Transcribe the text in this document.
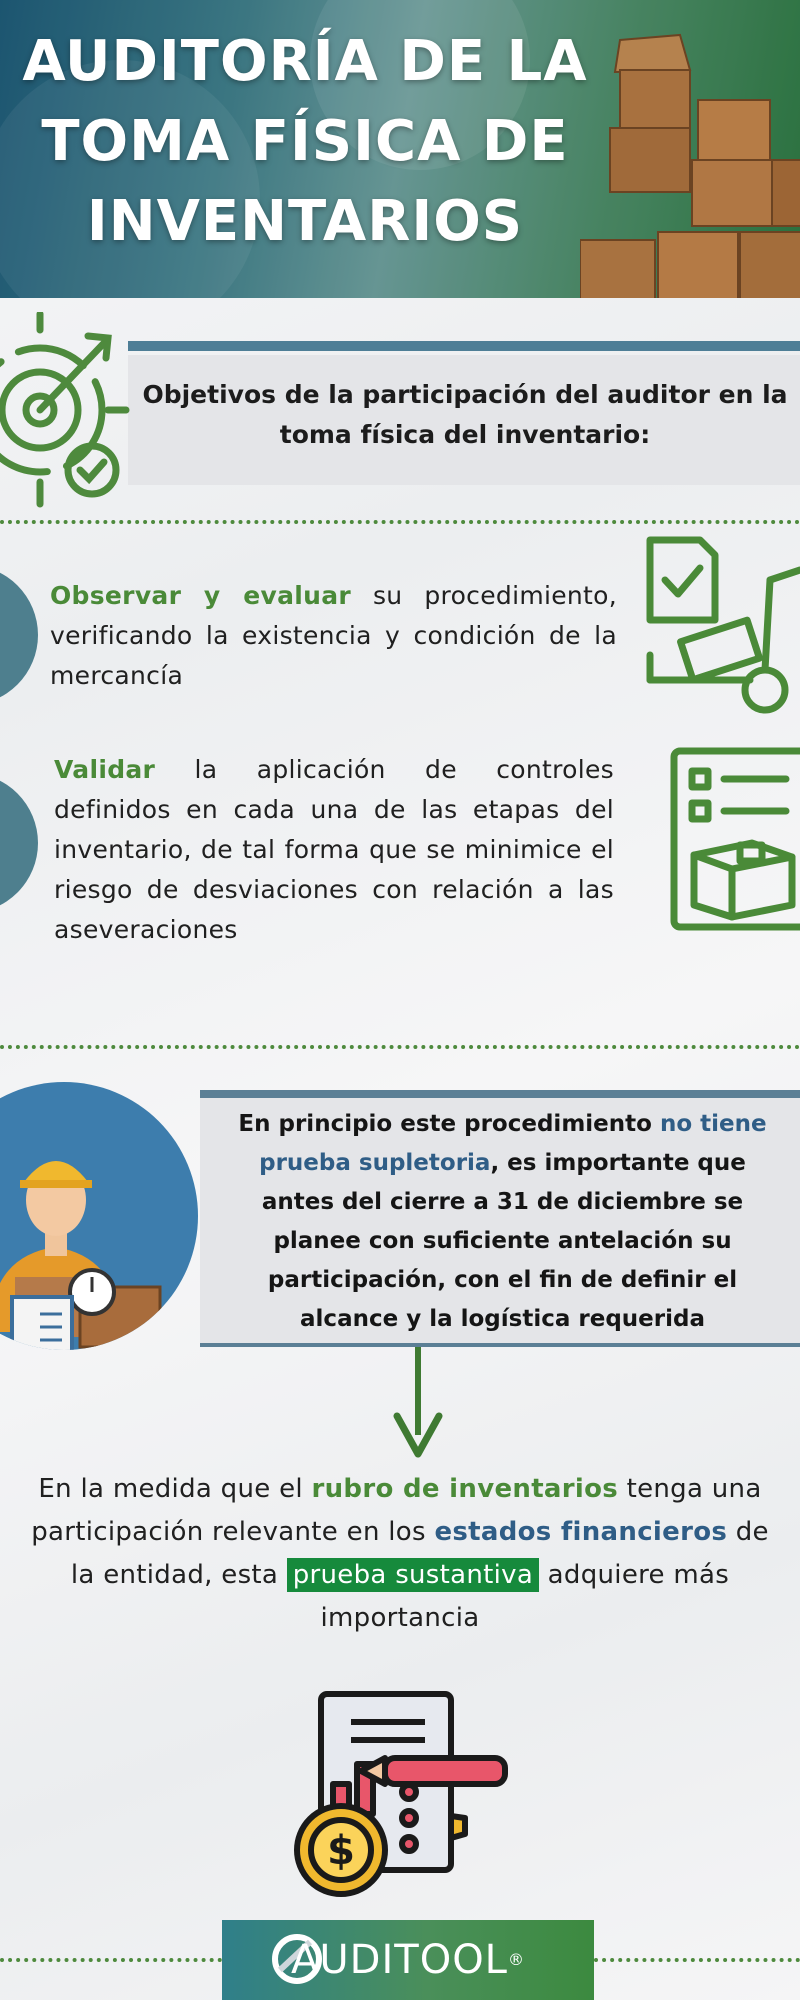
AUDITORÍA DE LA
TOMA FÍSICA DE
INVENTARIOS

Objetivos de la participación del auditor en la toma física del inventario:

Observar y evaluar su procedimiento, verificando la existencia y condición de la mercancía

Validar la aplicación de controles definidos en cada una de las etapas del inventario, de tal forma que se minimice el riesgo de desviaciones con relación a las aseveraciones

En principio este procedimiento no tiene prueba supletoria, es importante que antes del cierre a 31 de diciembre se planee con suficiente antelación su participación, con el fin de definir el alcance y la logística requerida

En la medida que el rubro de inventarios tenga una participación relevante en los estados financieros de la entidad, esta prueba sustantiva adquiere más importancia

$

AUDITOOL®
